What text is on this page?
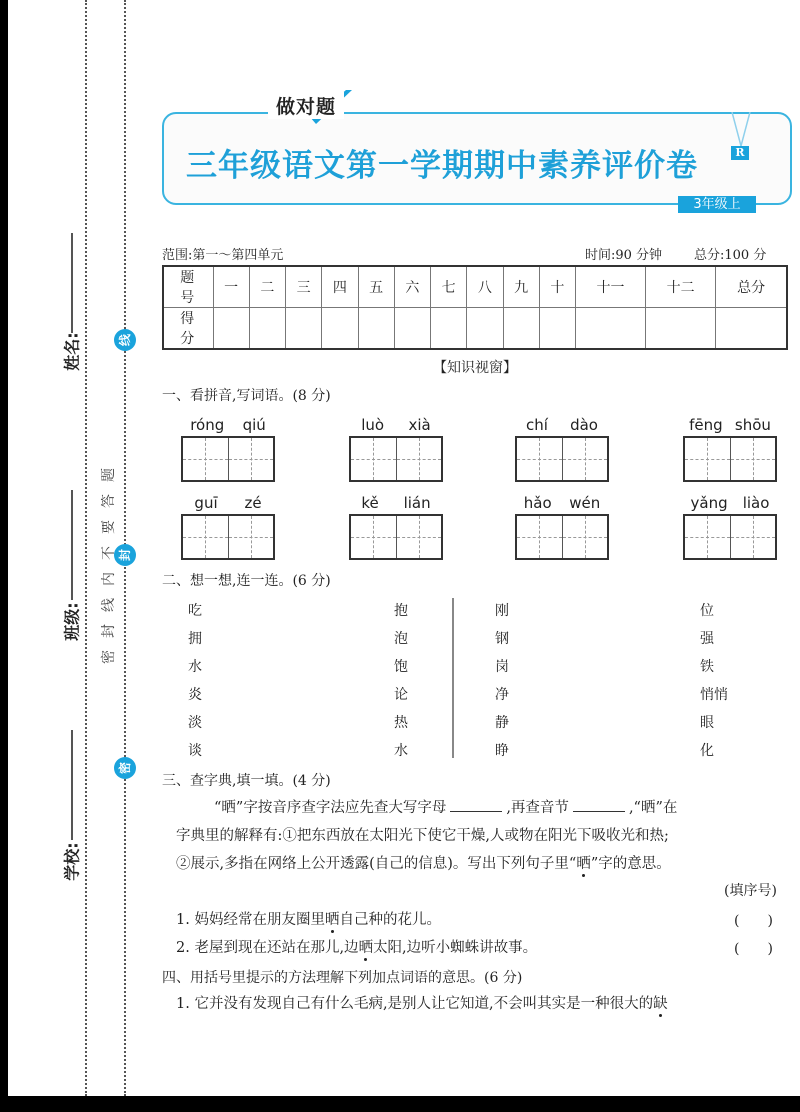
姓名:
班级:
学校:
线
封
密
密封线内不要答题
做对题
三年级语文第一学期期中素养评价卷	R
3年级上
范围:第一～第四单元	时间:90 分钟 总分:100 分
题号	一	二	三	四	五	六	七	八	九	十	十一	十二	总分
得分													
【知识视窗】
一、看拼音,写词语。(8 分)
róng qiú	luò xià	chí dào	fēng shōu
guī zé	kě lián	hǎo wén	yǎng liào
二、想一想,连一连。(6 分)
吃
拥
水
炎
淡
谈
抱
泡
饱
论
热
水
刚
钢
岗
净
静
睁
位
强
铁
悄悄
眼
化
三、查字典,填一填。(4 分)
“晒”字按音序查字法应先查大写字母	,再查音节	,“晒”在
字典里的解释有:①把东西放在太阳光下使它干燥,人或物在阳光下吸收光和热;
②展示,多指在网络上公开透露(自己的信息)。写出下列句子里“晒”字的意思。
(填序号)
1. 妈妈经常在朋友圈里晒自己种的花儿。	(　　)
2. 老屋到现在还站在那儿,边晒太阳,边听小蜘蛛讲故事。	(　　)
四、用括号里提示的方法理解下列加点词语的意思。(6 分)
1. 它并没有发现自己有什么毛病,是别人让它知道,不会叫其实是一种很大的缺
